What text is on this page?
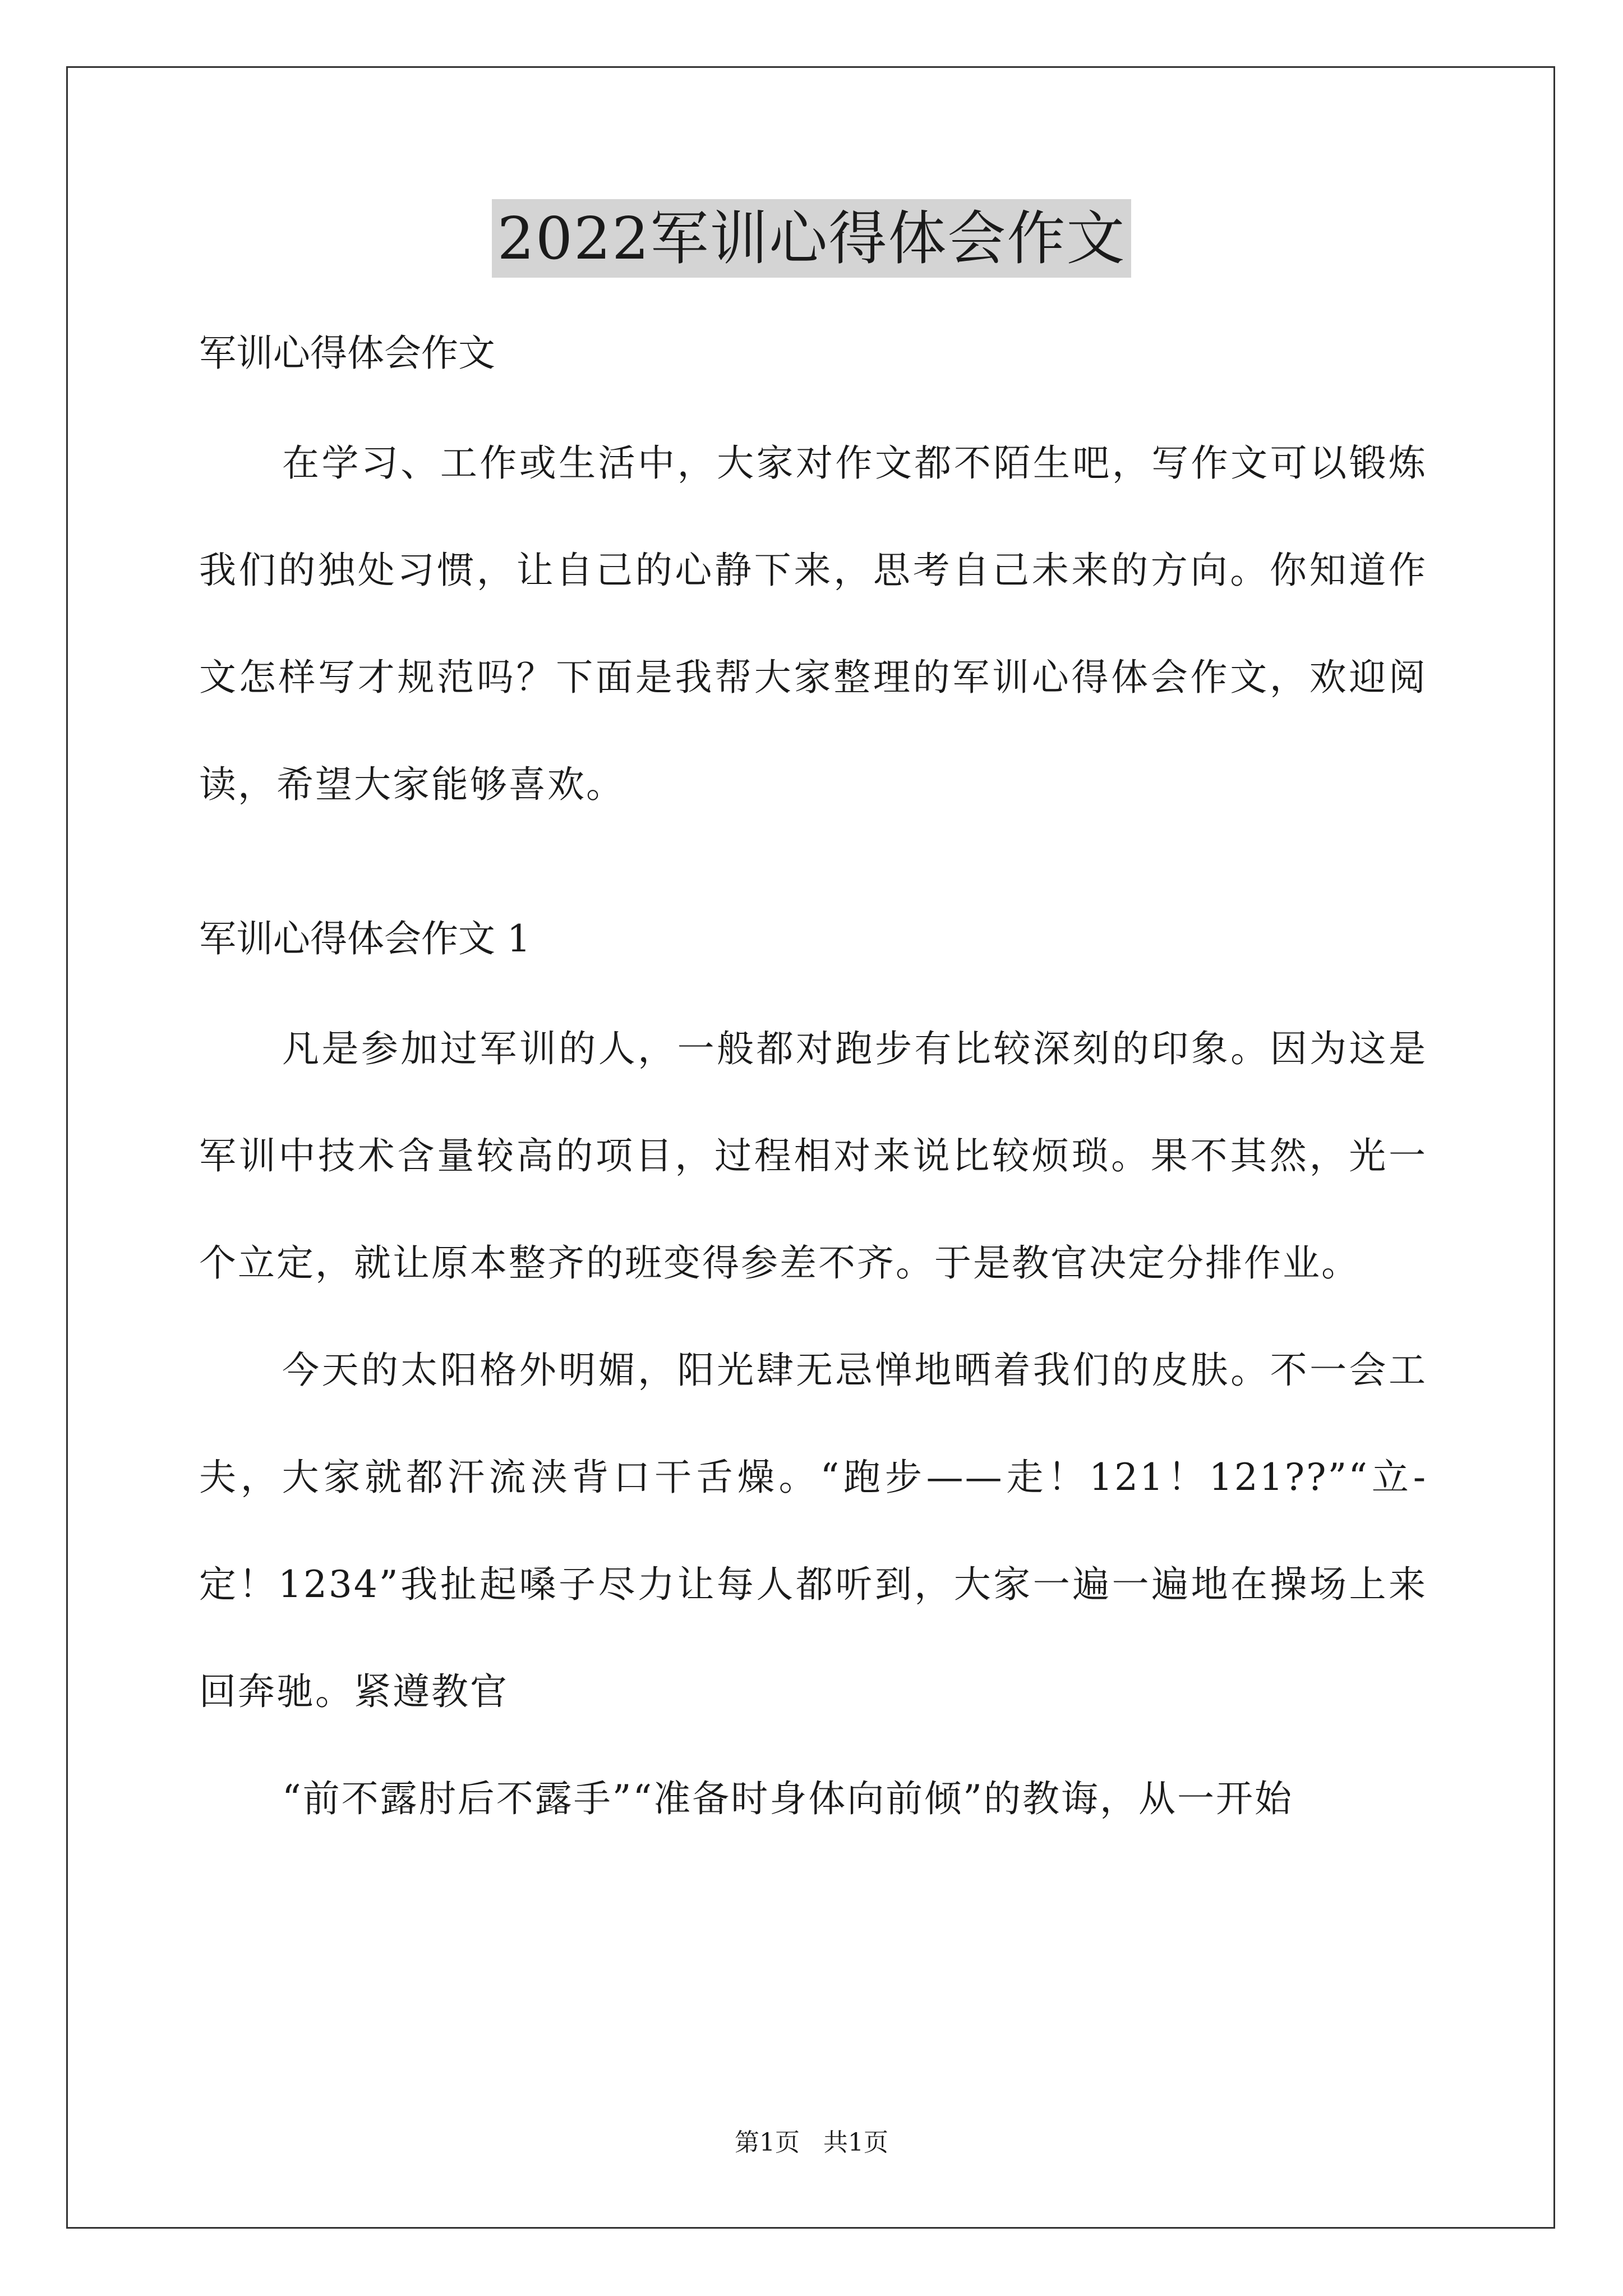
2022军训心得体会作文

军训心得体会作文

在学习、工作或生活中，大家对作文都不陌生吧，写作文可以锻炼我们的独处习惯，让自己的心静下来，思考自己未来的方向。你知道作文怎样写才规范吗？下面是我帮大家整理的军训心得体会作文，欢迎阅读，希望大家能够喜欢。

军训心得体会作文 1

凡是参加过军训的人，一般都对跑步有比较深刻的印象。因为这是军训中技术含量较高的项目，过程相对来说比较烦琐。果不其然，光一个立定，就让原本整齐的班变得参差不齐。于是教官决定分排作业。

今天的太阳格外明媚，阳光肆无忌惮地晒着我们的皮肤。不一会工夫，大家就都汗流浃背口干舌燥。“跑步——走！121！121??”“立-定！1234”我扯起嗓子尽力让每人都听到，大家一遍一遍地在操场上来回奔驰。紧遵教官

“前不露肘后不露手”“准备时身体向前倾”的教诲，从一开始

第1页   共1页
